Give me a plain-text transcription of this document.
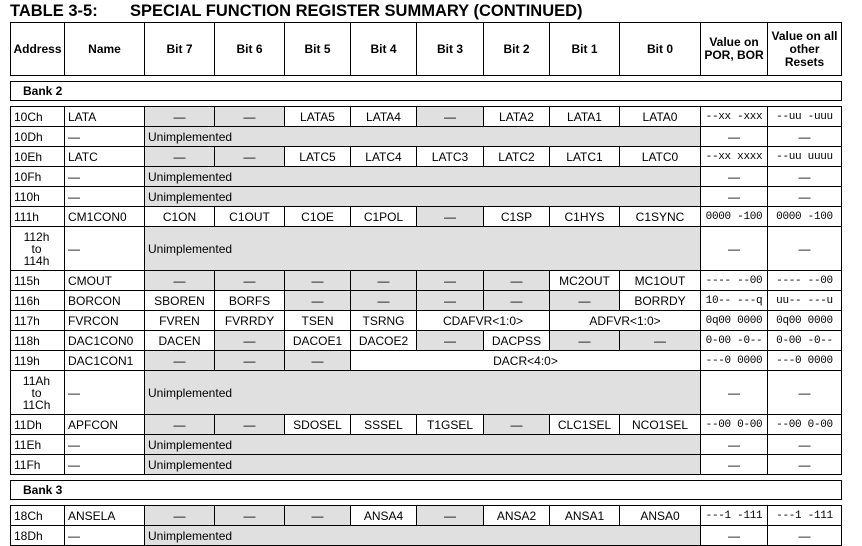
TABLE 3-5: SPECIAL FUNCTION REGISTER SUMMARY (CONTINUED)
Address	Name	Bit 7	Bit 6	Bit 5	Bit 4	Bit 3	Bit 2	Bit 1	Bit 0	Value on POR, BOR	Value on all other Resets

Bank 2											

10Ch	LATA	—	—	LATA5	LATA4	—	LATA2	LATA1	LATA0	--xx -xxx	--uu -uuu
10Dh	—	Unimplemented								—	—
10Eh	LATC	—	—	LATC5	LATC4	LATC3	LATC2	LATC1	LATC0	--xx xxxx	--uu uuuu
10Fh	—	Unimplemented								—	—
110h	—	Unimplemented								—	—
111h	CM1CON0	C1ON	C1OUT	C1OE	C1POL	—	C1SP	C1HYS	C1SYNC	0000 -100	0000 -100
112h
to
114h	—	Unimplemented								—	—
115h	CMOUT	—	—	—	—	—	—	MC2OUT	MC1OUT	---- --00	---- --00
116h	BORCON	SBOREN	BORFS	—	—	—	—	—	BORRDY	10-- ---q	uu-- ---u
117h	FVRCON	FVREN	FVRRDY	TSEN	TSRNG	CDAFVR<1:0>		ADFVR<1:0>		0q00 0000	0q00 0000
118h	DAC1CON0	DACEN	—	DACOE1	DACOE2	—	DACPSS	—	—	0-00 -0--	0-00 -0--
119h	DAC1CON1	—	—	—	DACR<4:0>					---0 0000	---0 0000
11Ah
to
11Ch	—	Unimplemented								—	—
11Dh	APFCON	—	—	SDOSEL	SSSEL	T1GSEL	—	CLC1SEL	NCO1SEL	--00 0-00	--00 0-00
11Eh	—	Unimplemented								—	—
11Fh	—	Unimplemented								—	—

Bank 3											

18Ch	ANSELA	—	—	—	ANSA4	—	ANSA2	ANSA1	ANSA0	---1 -111	---1 -111
18Dh	—	Unimplemented								—	—
